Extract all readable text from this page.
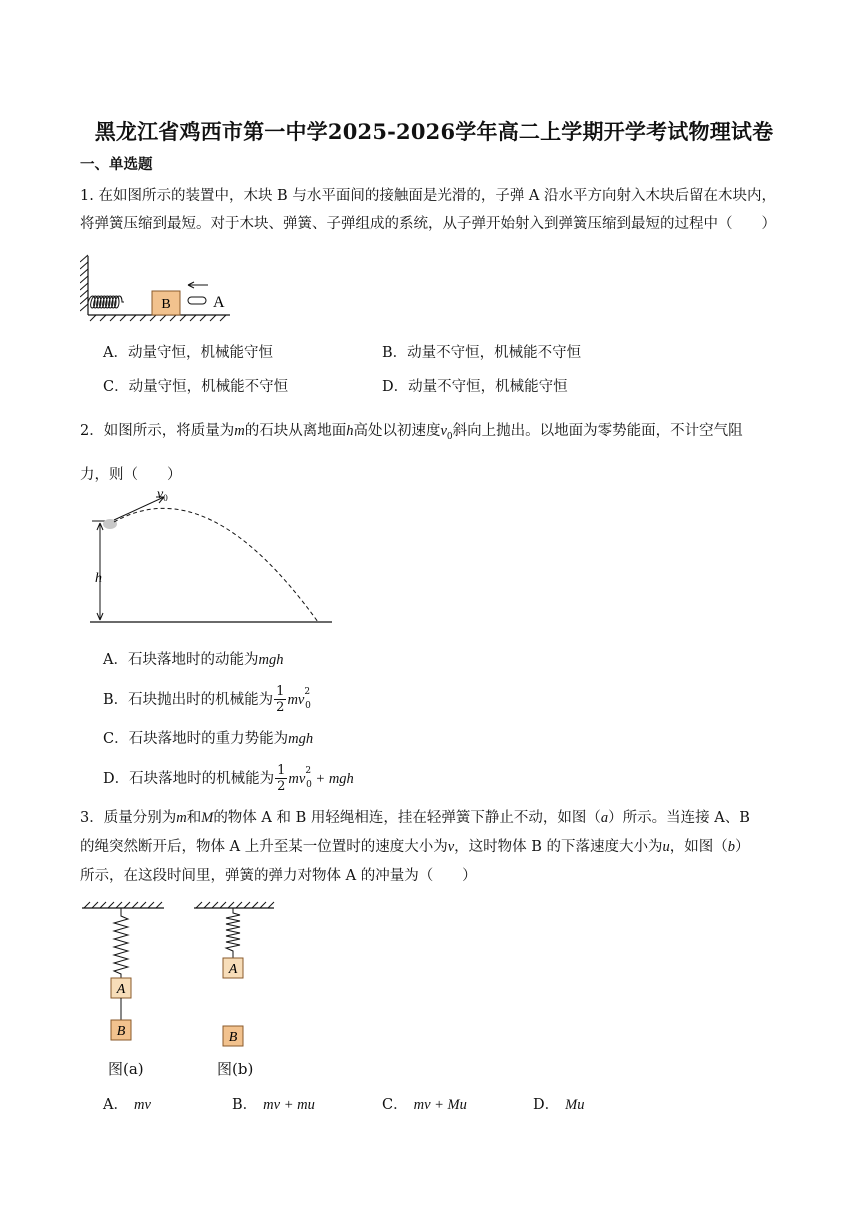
黑龙江省鸡西市第一中学2025-2026学年高二上学期开学考试物理试卷
一、单选题
1. 在如图所示的装置中，木块 B 与水平面间的接触面是光滑的，子弹 A 沿水平方向射入木块后留在木块内，
将弹簧压缩到最短。对于木块、弹簧、子弹组成的系统，从子弹开始射入到弹簧压缩到最短的过程中（　　）
B	A
A．动量守恒，机械能守恒	B．动量不守恒，机械能不守恒
C．动量守恒，机械能不守恒	D．动量不守恒，机械能守恒
2．如图所示，将质量为m的石块从离地面h高处以初速度$v_0$斜向上抛出。以地面为零势能面，不计空气阻
力，则（　　）
h
$v_0$
A．石块落地时的动能为mgh
B．石块抛出时的机械能为 $\frac{1}{2} mv^2_0$
C．石块落地时的重力势能为mgh
D．石块落地时的机械能为 $\frac{1}{2} mv^2_0$ + mgh
3．质量分别为m和M的物体 A 和 B 用轻绳相连，挂在轻弹簧下静止不动，如图（a）所示。当连接 A、B
的绳突然断开后，物体 A 上升至某一位置时的速度大小为v，这时物体 B 的下落速度大小为u，如图（b）
所示，在这段时间里，弹簧的弹力对物体 A 的冲量为（　　）
A
B
图(a)
A
B
图(b)
A． mv	B． mv + mu	C． mv + Mu	D． Mu
